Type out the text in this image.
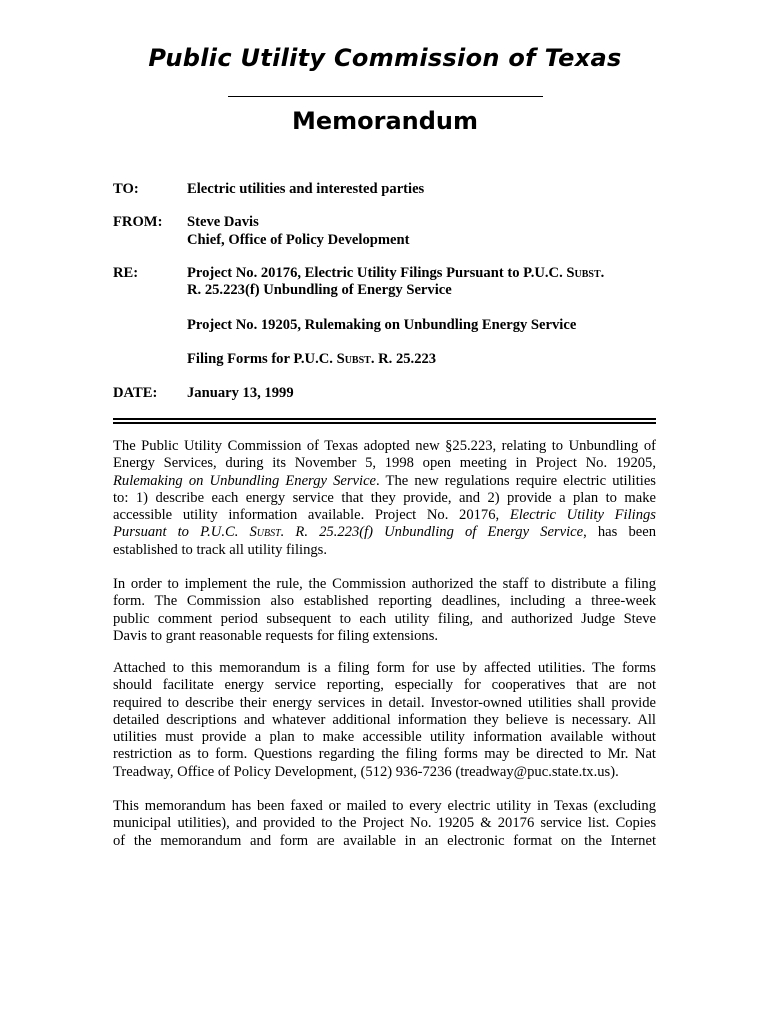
Public Utility Commission of Texas
Memorandum
TO:	Electric utilities and interested parties
FROM: Steve Davis
Chief, Office of Policy Development
RE:	Project No. 20176, Electric Utility Filings Pursuant to P.U.C. Subst.
R. 25.223(f) Unbundling of Energy Service
Project No. 19205, Rulemaking on Unbundling Energy Service
Filing Forms for P.U.C. Subst. R. 25.223
DATE: January 13, 1999
The Public Utility Commission of Texas adopted new §25.223, relating to Unbundling of
Energy Services, during its November 5, 1998 open meeting in Project No. 19205,
Rulemaking on Unbundling Energy Service. The new regulations require electric utilities
to: 1) describe each energy service that they provide, and 2) provide a plan to make
accessible utility information available. Project No. 20176, Electric Utility Filings
Pursuant to P.U.C. Subst. R. 25.223(f) Unbundling of Energy Service, has been
established to track all utility filings.
In order to implement the rule, the Commission authorized the staff to distribute a filing
form. The Commission also established reporting deadlines, including a three-week
public comment period subsequent to each utility filing, and authorized Judge Steve
Davis to grant reasonable requests for filing extensions.
Attached to this memorandum is a filing form for use by affected utilities. The forms
should facilitate energy service reporting, especially for cooperatives that are not
required to describe their energy services in detail. Investor-owned utilities shall provide
detailed descriptions and whatever additional information they believe is necessary. All
utilities must provide a plan to make accessible utility information available without
restriction as to form. Questions regarding the filing forms may be directed to Mr. Nat
Treadway, Office of Policy Development, (512) 936-7236 (treadway@puc.state.tx.us).
This memorandum has been faxed or mailed to every electric utility in Texas (excluding
municipal utilities), and provided to the Project No. 19205 & 20176 service list. Copies
of the memorandum and form are available in an electronic format on the Internet
